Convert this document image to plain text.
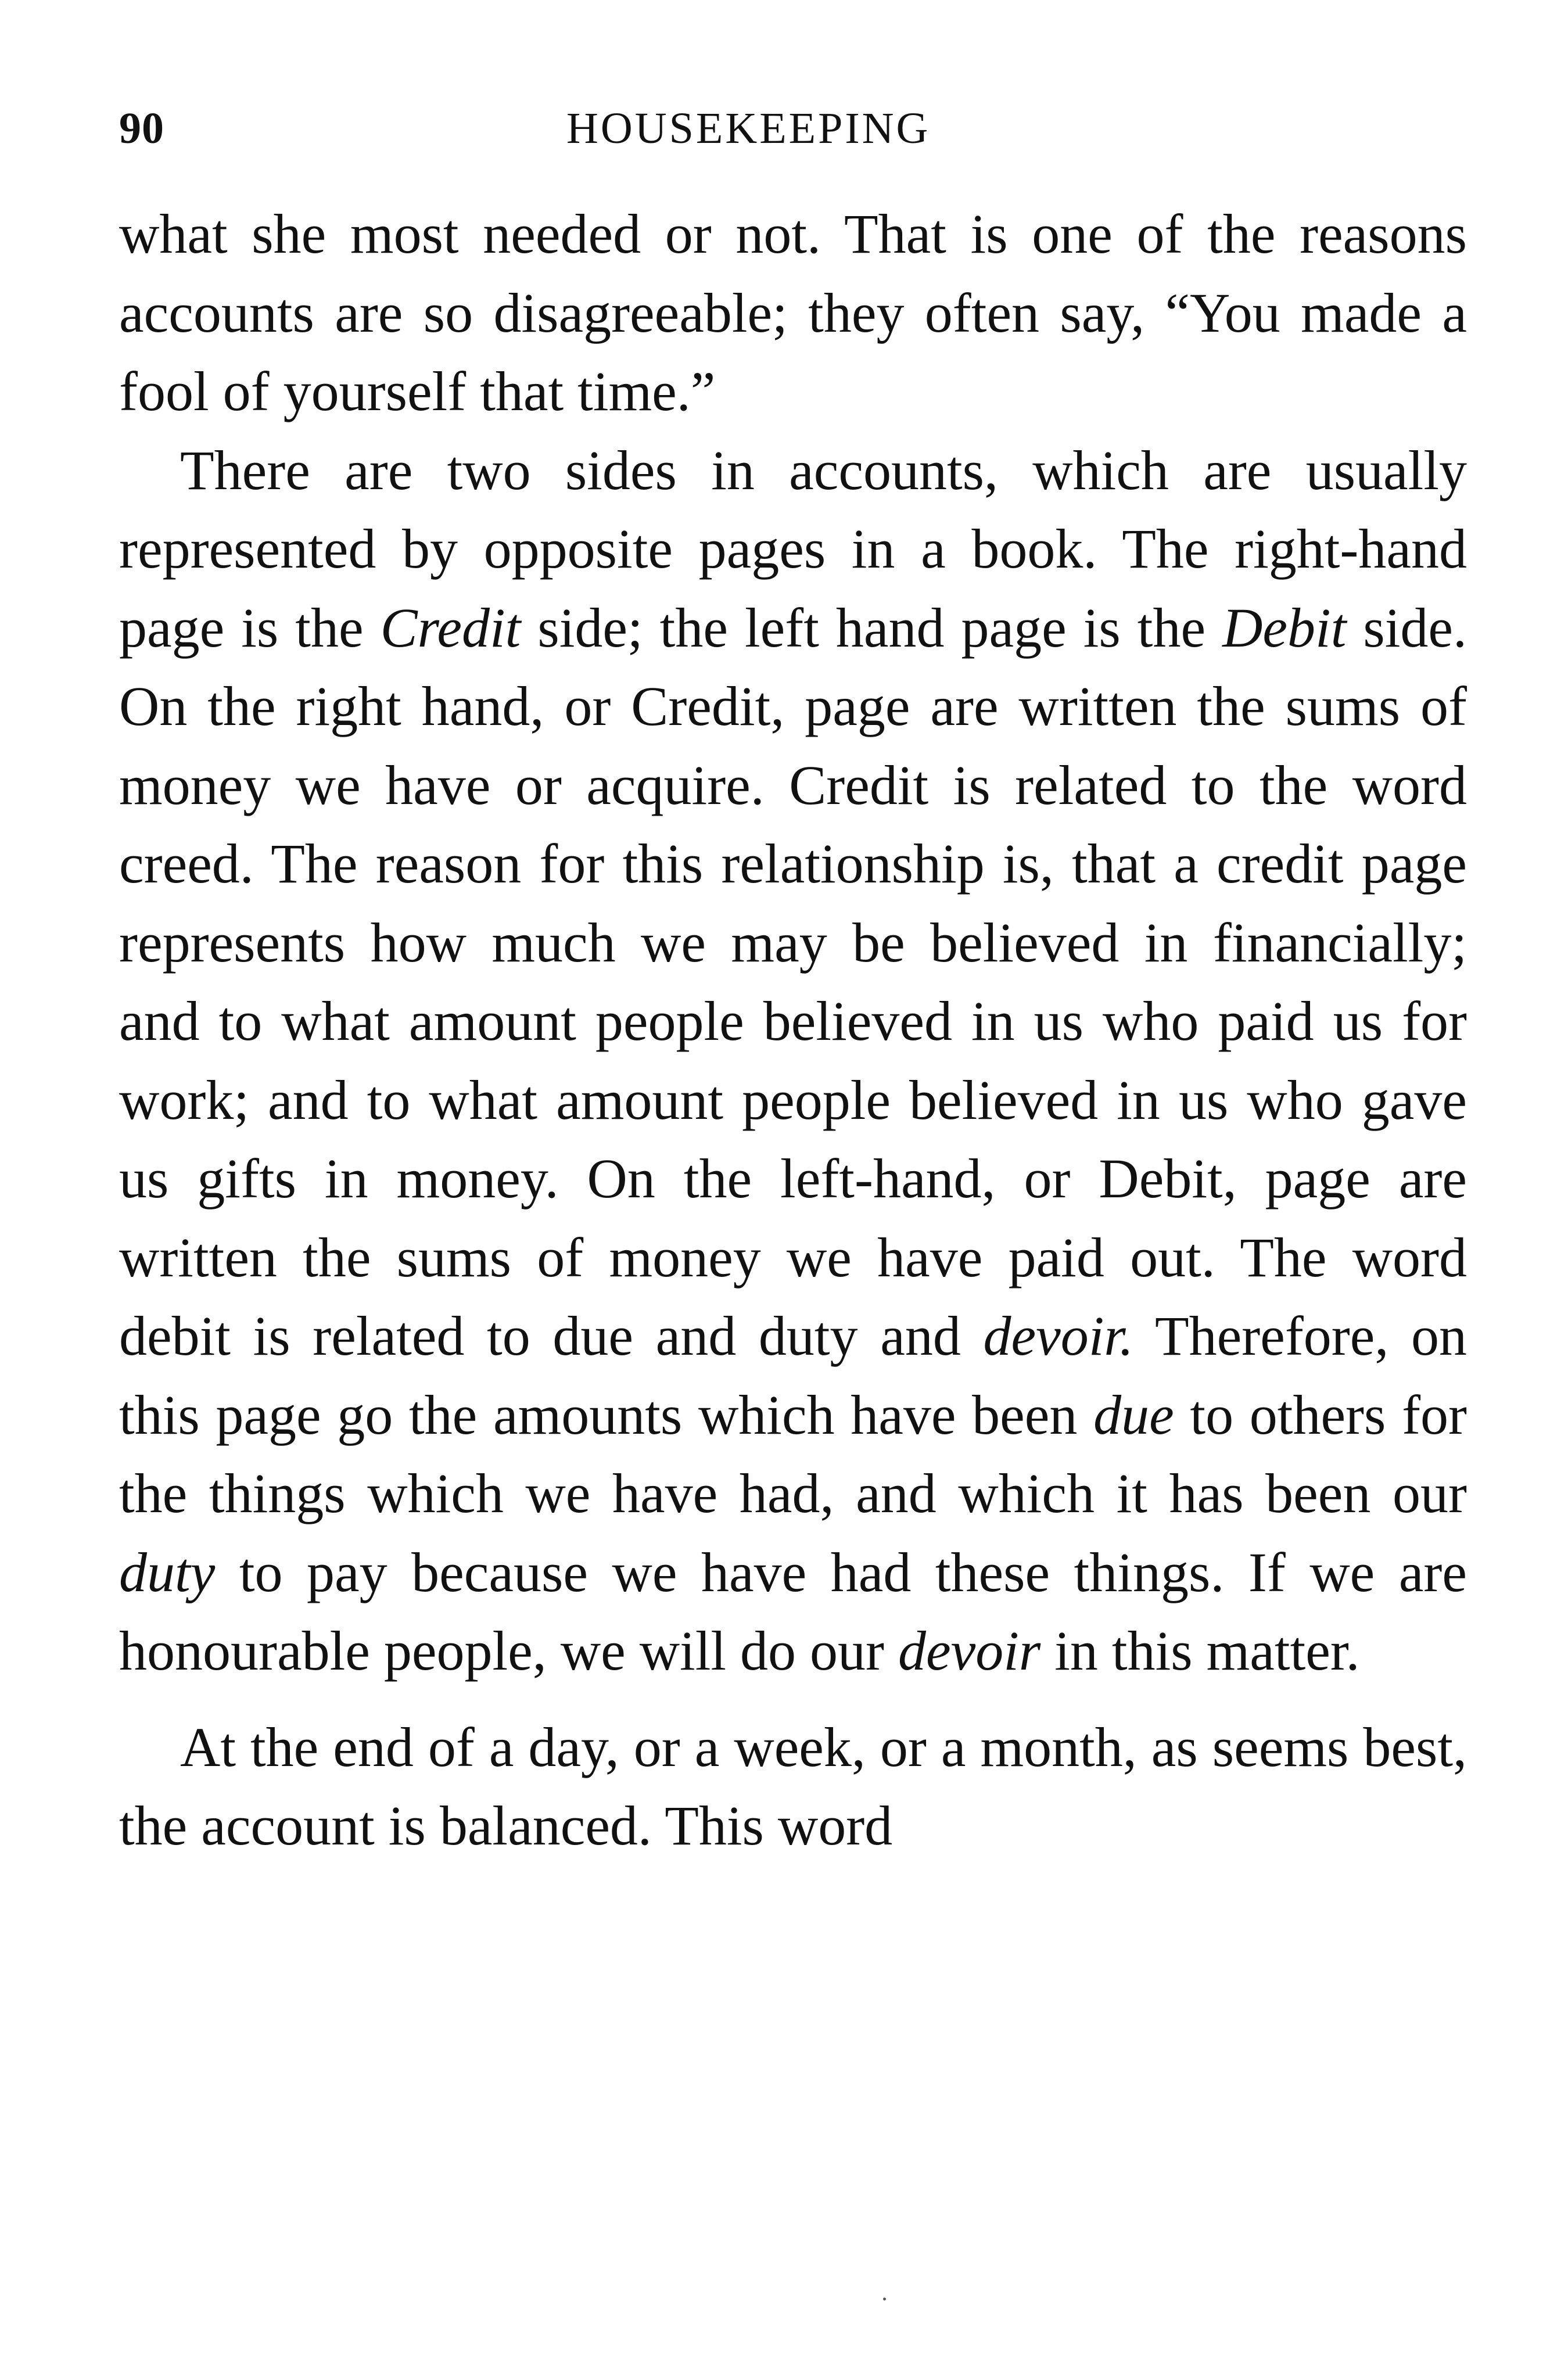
90	HOUSEKEEPING

what she most needed or not. That is one of the reasons accounts are so disagreeable; they often say, “You made a fool of yourself that time.”

There are two sides in accounts, which are usually represented by opposite pages in a book. The right-hand page is the Credit side; the left hand page is the Debit side. On the right hand, or Credit, page are written the sums of money we have or acquire. Credit is related to the word creed. The reason for this relationship is, that a credit page represents how much we may be believed in financially; and to what amount people believed in us who paid us for work; and to what amount people believed in us who gave us gifts in money. On the left-hand, or Debit, page are written the sums of money we have paid out. The word debit is related to due and duty and devoir. Therefore, on this page go the amounts which have been due to others for the things which we have had, and which it has been our duty to pay because we have had these things. If we are honourable people, we will do our devoir in this matter.

At the end of a day, or a week, or a month, as seems best, the account is balanced. This word
